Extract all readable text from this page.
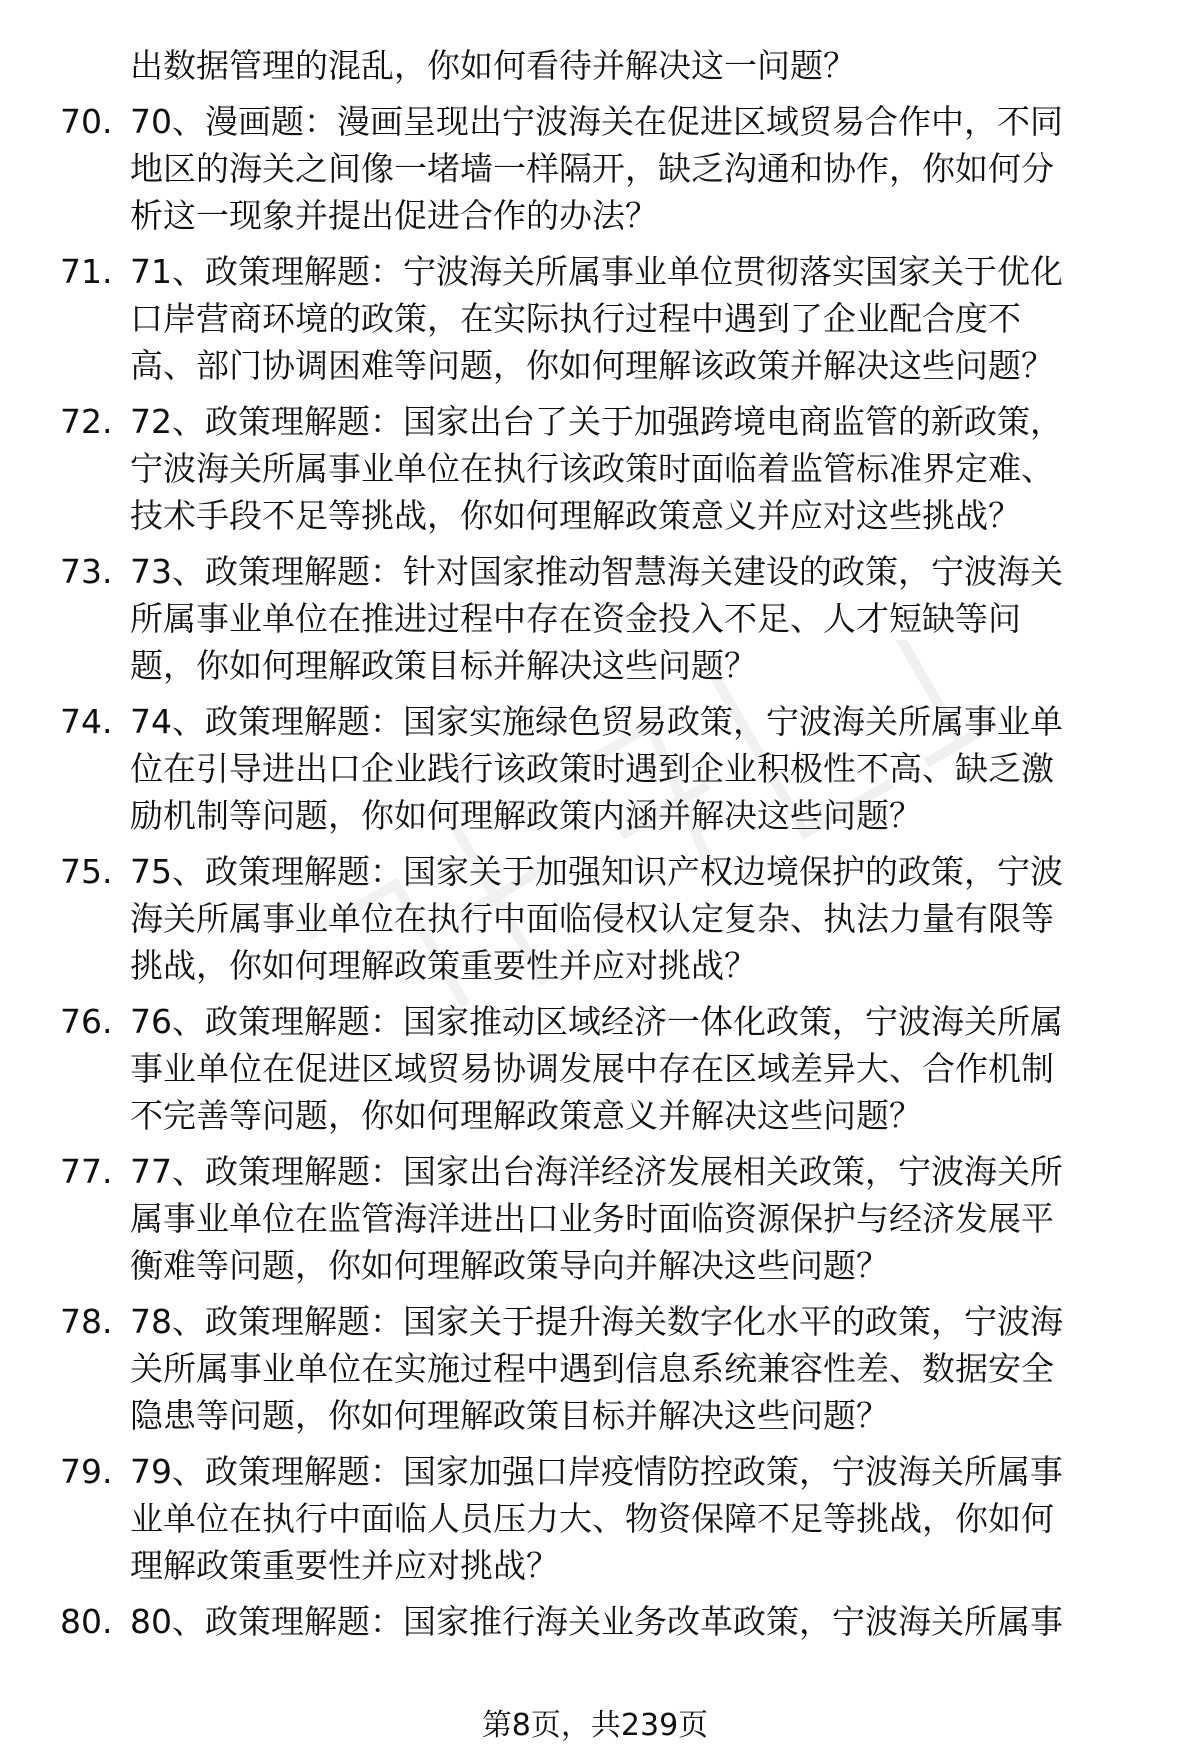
出数据管理的混乱，你如何看待并解决这一问题？
70. 70、漫画题：漫画呈现出宁波海关在促进区域贸易合作中，不同
地区的海关之间像一堵墙一样隔开，缺乏沟通和协作，你如何分
析这一现象并提出促进合作的办法？
71. 71、政策理解题：宁波海关所属事业单位贯彻落实国家关于优化
口岸营商环境的政策，在实际执行过程中遇到了企业配合度不
高、部门协调困难等问题，你如何理解该政策并解决这些问题？
72. 72、政策理解题：国家出台了关于加强跨境电商监管的新政策，
宁波海关所属事业单位在执行该政策时面临着监管标准界定难、
技术手段不足等挑战，你如何理解政策意义并应对这些挑战？
73. 73、政策理解题：针对国家推动智慧海关建设的政策，宁波海关
所属事业单位在推进过程中存在资金投入不足、人才短缺等问
题，你如何理解政策目标并解决这些问题？
74. 74、政策理解题：国家实施绿色贸易政策，宁波海关所属事业单
位在引导进出口企业践行该政策时遇到企业积极性不高、缺乏激
励机制等问题，你如何理解政策内涵并解决这些问题？
75. 75、政策理解题：国家关于加强知识产权边境保护的政策，宁波
海关所属事业单位在执行中面临侵权认定复杂、执法力量有限等
挑战，你如何理解政策重要性并应对挑战？
76. 76、政策理解题：国家推动区域经济一体化政策，宁波海关所属
事业单位在促进区域贸易协调发展中存在区域差异大、合作机制
不完善等问题，你如何理解政策意义并解决这些问题？
77. 77、政策理解题：国家出台海洋经济发展相关政策，宁波海关所
属事业单位在监管海洋进出口业务时面临资源保护与经济发展平
衡难等问题，你如何理解政策导向并解决这些问题？
78. 78、政策理解题：国家关于提升海关数字化水平的政策，宁波海
关所属事业单位在实施过程中遇到信息系统兼容性差、数据安全
隐患等问题，你如何理解政策目标并解决这些问题？
79. 79、政策理解题：国家加强口岸疫情防控政策，宁波海关所属事
业单位在执行中面临人员压力大、物资保障不足等挑战，你如何
理解政策重要性并应对挑战？
80. 80、政策理解题：国家推行海关业务改革政策，宁波海关所属事
第8页，共239页
